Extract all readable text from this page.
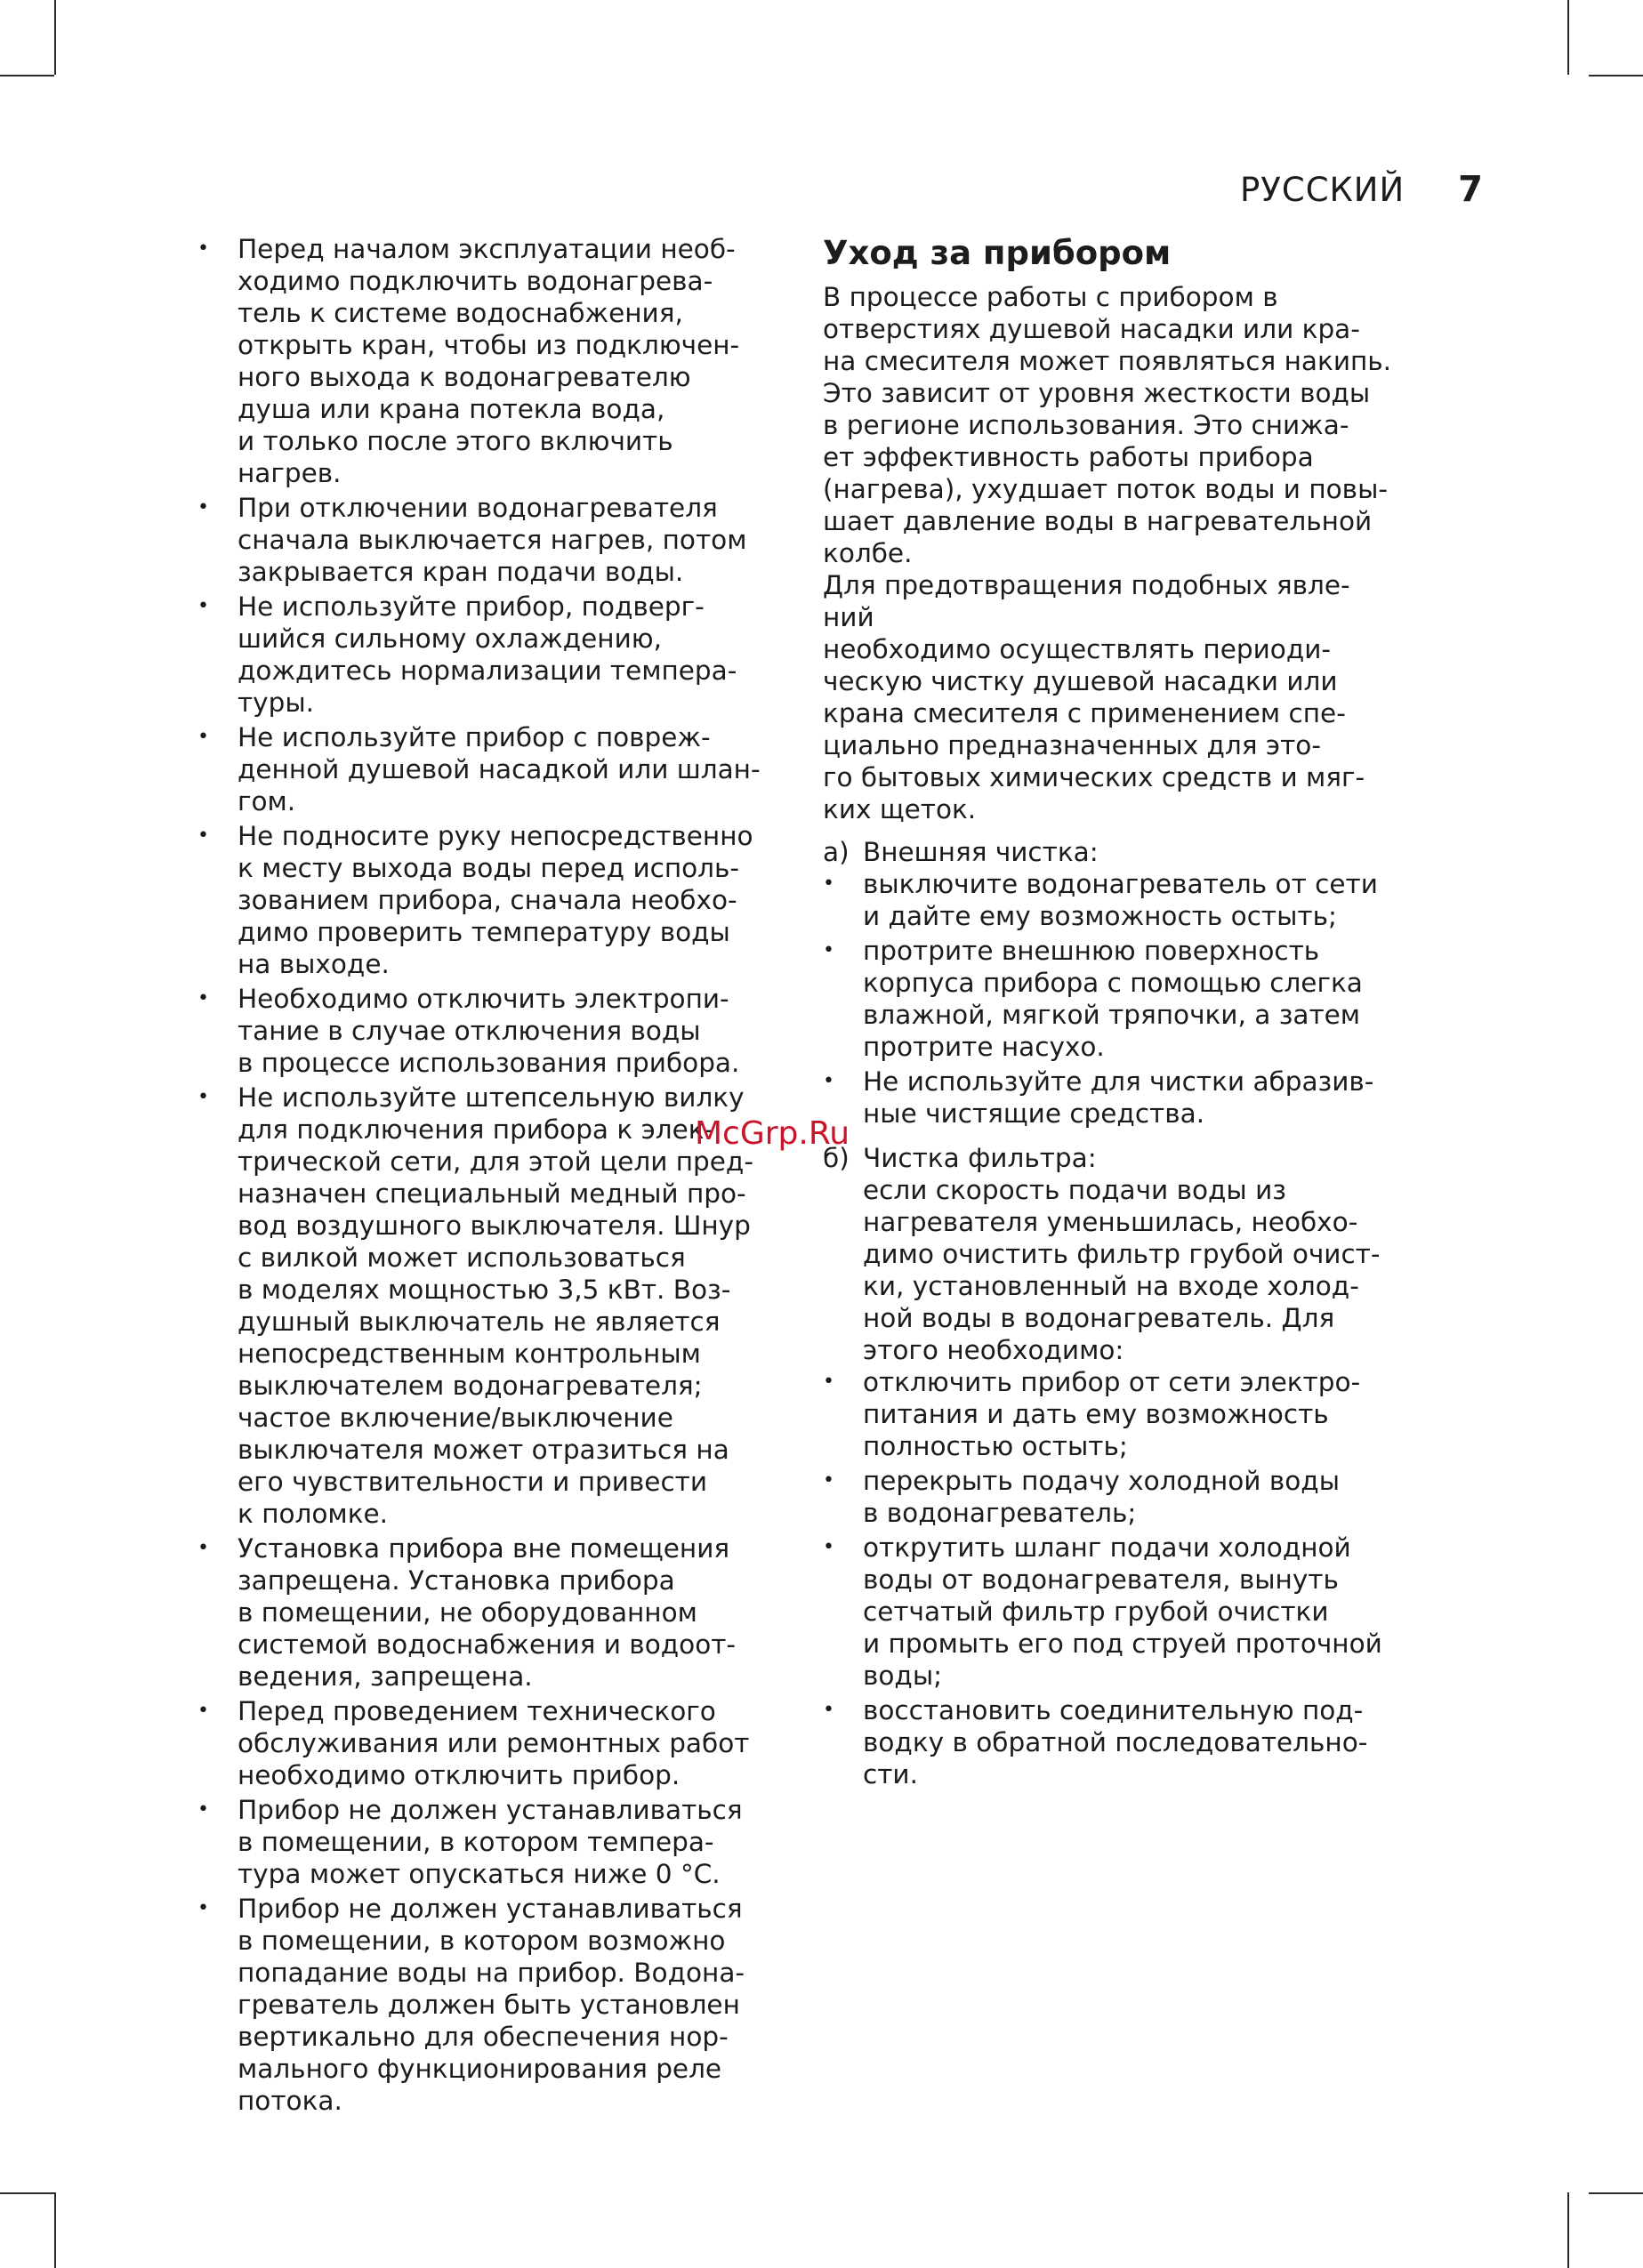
РУССКИЙ 7
• Перед началом эксплуатации необ-
ходимо подключить водонагрева-
тель к системе водоснабжения,
открыть кран, чтобы из подключен-
ного выхода к водонагревателю
душа или крана потекла вода,
и только после этого включить
нагрев.
• При отключении водонагревателя
сначала выключается нагрев, потом
закрывается кран подачи воды.
• Не используйте прибор, подверг-
шийся сильному охлаждению,
дождитесь нормализации темпера-
туры.
• Не используйте прибор с повреж-
денной душевой насадкой или шлан-
гом.
• Не подносите руку непосредственно
к месту выхода воды перед исполь-
зованием прибора, сначала необхо-
димо проверить температуру воды
на выходе.
• Необходимо отключить электропи-
тание в случае отключения воды
в процессе использования прибора.
• Не используйте штепсельную вилку
для подключения прибора к элек-
трической сети, для этой цели пред-
назначен специальный медный про-
вод воздушного выключателя. Шнур
с вилкой может использоваться
в моделях мощностью 3,5 кВт. Воз-
душный выключатель не является
непосредственным контрольным
выключателем водонагревателя;
частое включение/выключение
выключателя может отразиться на
его чувствительности и привести
к поломке.
• Установка прибора вне помещения
запрещена. Установка прибора
в помещении, не оборудованном
системой водоснабжения и водоот-
ведения, запрещена.
• Перед проведением технического
обслуживания или ремонтных работ
необходимо отключить прибор.
• Прибор не должен устанавливаться
в помещении, в котором темпера-
тура может опускаться ниже 0 °С.
• Прибор не должен устанавливаться
в помещении, в котором возможно
попадание воды на прибор. Водона-
греватель должен быть установлен
вертикально для обеспечения нор-
мального функционирования реле
потока.
Уход за прибором
В процессе работы с прибором в
отверстиях душевой насадки или кра-
на смесителя может появляться накипь.
Это зависит от уровня жесткости воды
в регионе использования. Это снижа-
ет эффективность работы прибора
(нагрева), ухудшает поток воды и повы-
шает давление воды в нагревательной
колбе.
Для предотвращения подобных явле-
ний
необходимо осуществлять периоди-
ческую чистку душевой насадки или
крана смесителя с применением спе-
циально предназначенных для это-
го бытовых химических средств и мяг-
ких щеток.
а) Внешняя чистка:
• выключите водонагреватель от сети
и дайте ему возможность остыть;
• протрите внешнюю поверхность
корпуса прибора с помощью слегка
влажной, мягкой тряпочки, а затем
протрите насухо.
• Не используйте для чистки абразив-
ные чистящие средства.
б) Чистка фильтра:
если скорость подачи воды из
нагревателя уменьшилась, необхо-
димо очистить фильтр грубой очист-
ки, установленный на входе холод-
ной воды в водонагреватель. Для
этого необходимо:
• отключить прибор от сети электро-
питания и дать ему возможность
полностью остыть;
• перекрыть подачу холодной воды
в водонагреватель;
• открутить шланг подачи холодной
воды от водонагревателя, вынуть
сетчатый фильтр грубой очистки
и промыть его под струей проточной
воды;
• восстановить соединительную под-
водку в обратной последовательно-
сти.
McGrp.Ru
